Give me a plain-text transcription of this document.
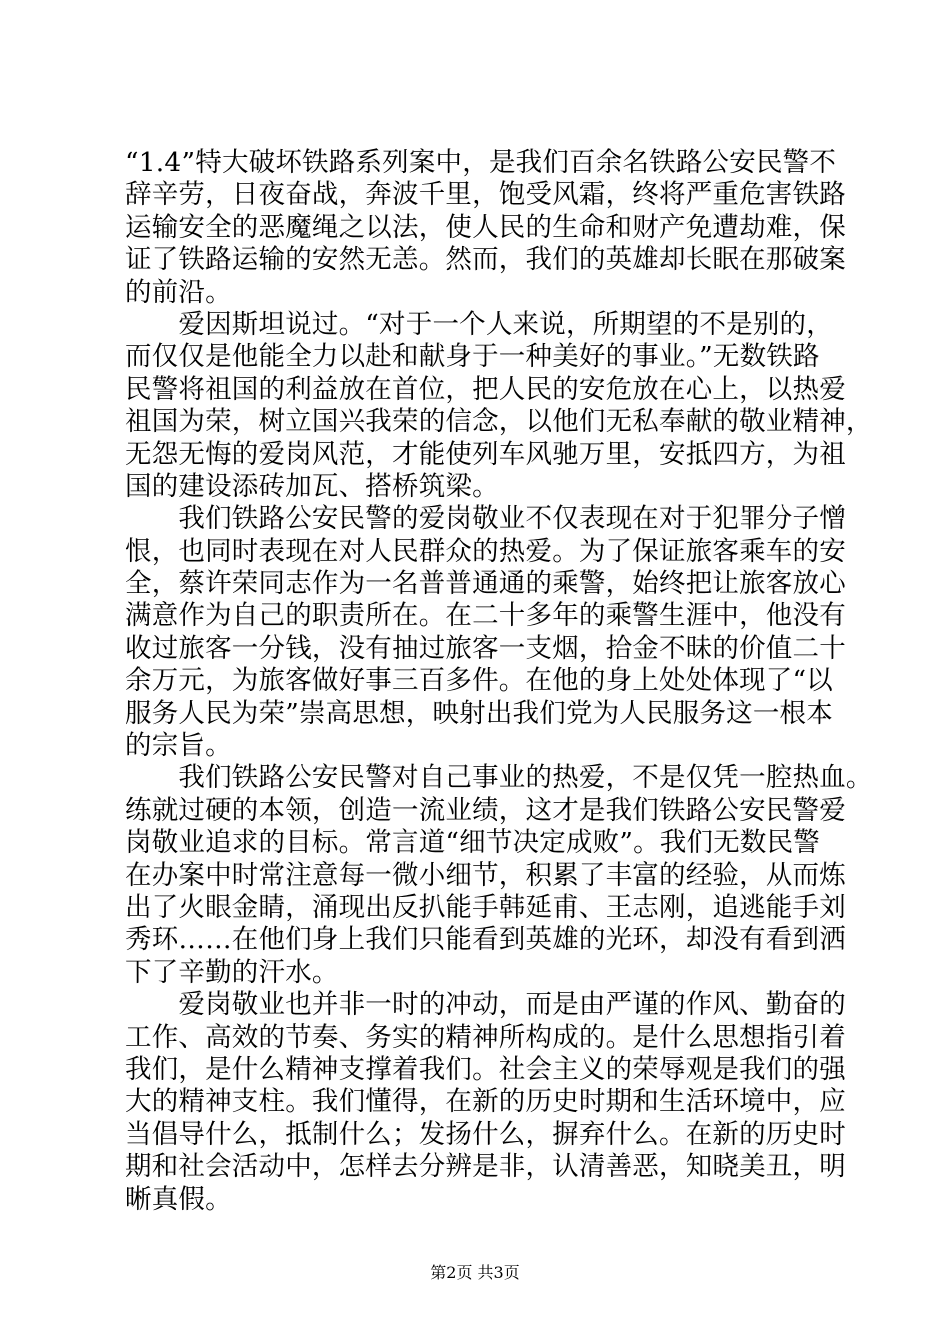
“1.4”特大破坏铁路系列案中，是我们百余名铁路公安民警不
辞辛劳，日夜奋战，奔波千里，饱受风霜，终将严重危害铁路
运输安全的恶魔绳之以法，使人民的生命和财产免遭劫难，保
证了铁路运输的安然无恙。然而，我们的英雄却长眠在那破案
的前沿。
　　爱因斯坦说过。“对于一个人来说，所期望的不是别的，
而仅仅是他能全力以赴和献身于一种美好的事业。”无数铁路
民警将祖国的利益放在首位，把人民的安危放在心上，以热爱
祖国为荣，树立国兴我荣的信念，以他们无私奉献的敬业精神，
无怨无悔的爱岗风范，才能使列车风驰万里，安抵四方，为祖
国的建设添砖加瓦、搭桥筑梁。
　　我们铁路公安民警的爱岗敬业不仅表现在对于犯罪分子憎
恨，也同时表现在对人民群众的热爱。为了保证旅客乘车的安
全，蔡许荣同志作为一名普普通通的乘警，始终把让旅客放心
满意作为自己的职责所在。在二十多年的乘警生涯中，他没有
收过旅客一分钱，没有抽过旅客一支烟，拾金不昧的价值二十
余万元，为旅客做好事三百多件。在他的身上处处体现了“以
服务人民为荣”崇高思想，映射出我们党为人民服务这一根本
的宗旨。
　　我们铁路公安民警对自己事业的热爱，不是仅凭一腔热血。
练就过硬的本领，创造一流业绩，这才是我们铁路公安民警爱
岗敬业追求的目标。常言道“细节决定成败”。我们无数民警
在办案中时常注意每一微小细节，积累了丰富的经验，从而炼
出了火眼金睛，涌现出反扒能手韩延甫、王志刚，追逃能手刘
秀环……在他们身上我们只能看到英雄的光环，却没有看到洒
下了辛勤的汗水。
　　爱岗敬业也并非一时的冲动，而是由严谨的作风、勤奋的
工作、高效的节奏、务实的精神所构成的。是什么思想指引着
我们，是什么精神支撑着我们。社会主义的荣辱观是我们的强
大的精神支柱。我们懂得，在新的历史时期和生活环境中，应
当倡导什么，抵制什么；发扬什么，摒弃什么。在新的历史时
期和社会活动中，怎样去分辨是非，认清善恶，知晓美丑，明
晰真假。
第2页 共3页
